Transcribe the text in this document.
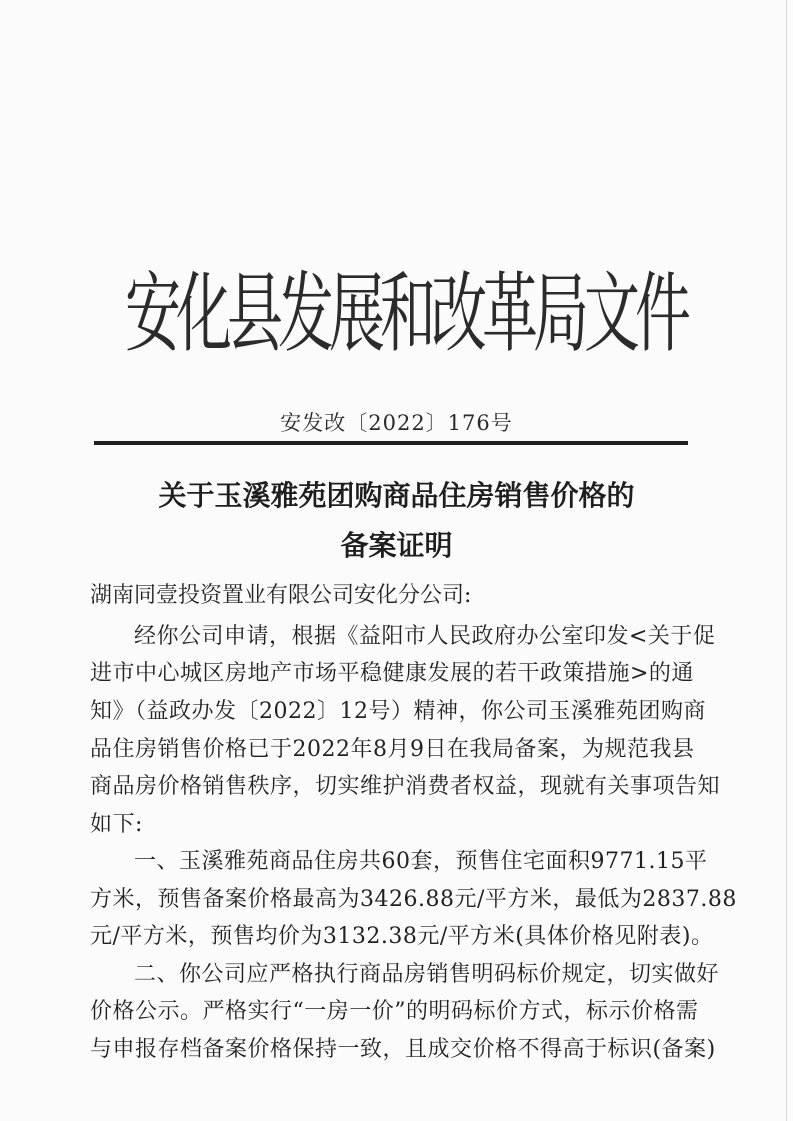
安化县发展和改革局文件
安发改〔2022〕176号
关于玉溪雅苑团购商品住房销售价格的
备案证明
湖南同壹投资置业有限公司安化分公司:
经你公司申请，根据《益阳市人民政府办公室印发<关于促
进市中心城区房地产市场平稳健康发展的若干政策措施>的通
知》（益政办发〔2022〕12号）精神，你公司玉溪雅苑团购商
品住房销售价格已于2022年8月9日在我局备案，为规范我县
商品房价格销售秩序，切实维护消费者权益，现就有关事项告知
如下:
一、玉溪雅苑商品住房共60套，预售住宅面积9771.15平
方米，预售备案价格最高为3426.88元/平方米，最低为2837.88
元/平方米，预售均价为3132.38元/平方米(具体价格见附表)。
二、你公司应严格执行商品房销售明码标价规定，切实做好
价格公示。严格实行“一房一价”的明码标价方式，标示价格需
与申报存档备案价格保持一致，且成交价格不得高于标识(备案)
